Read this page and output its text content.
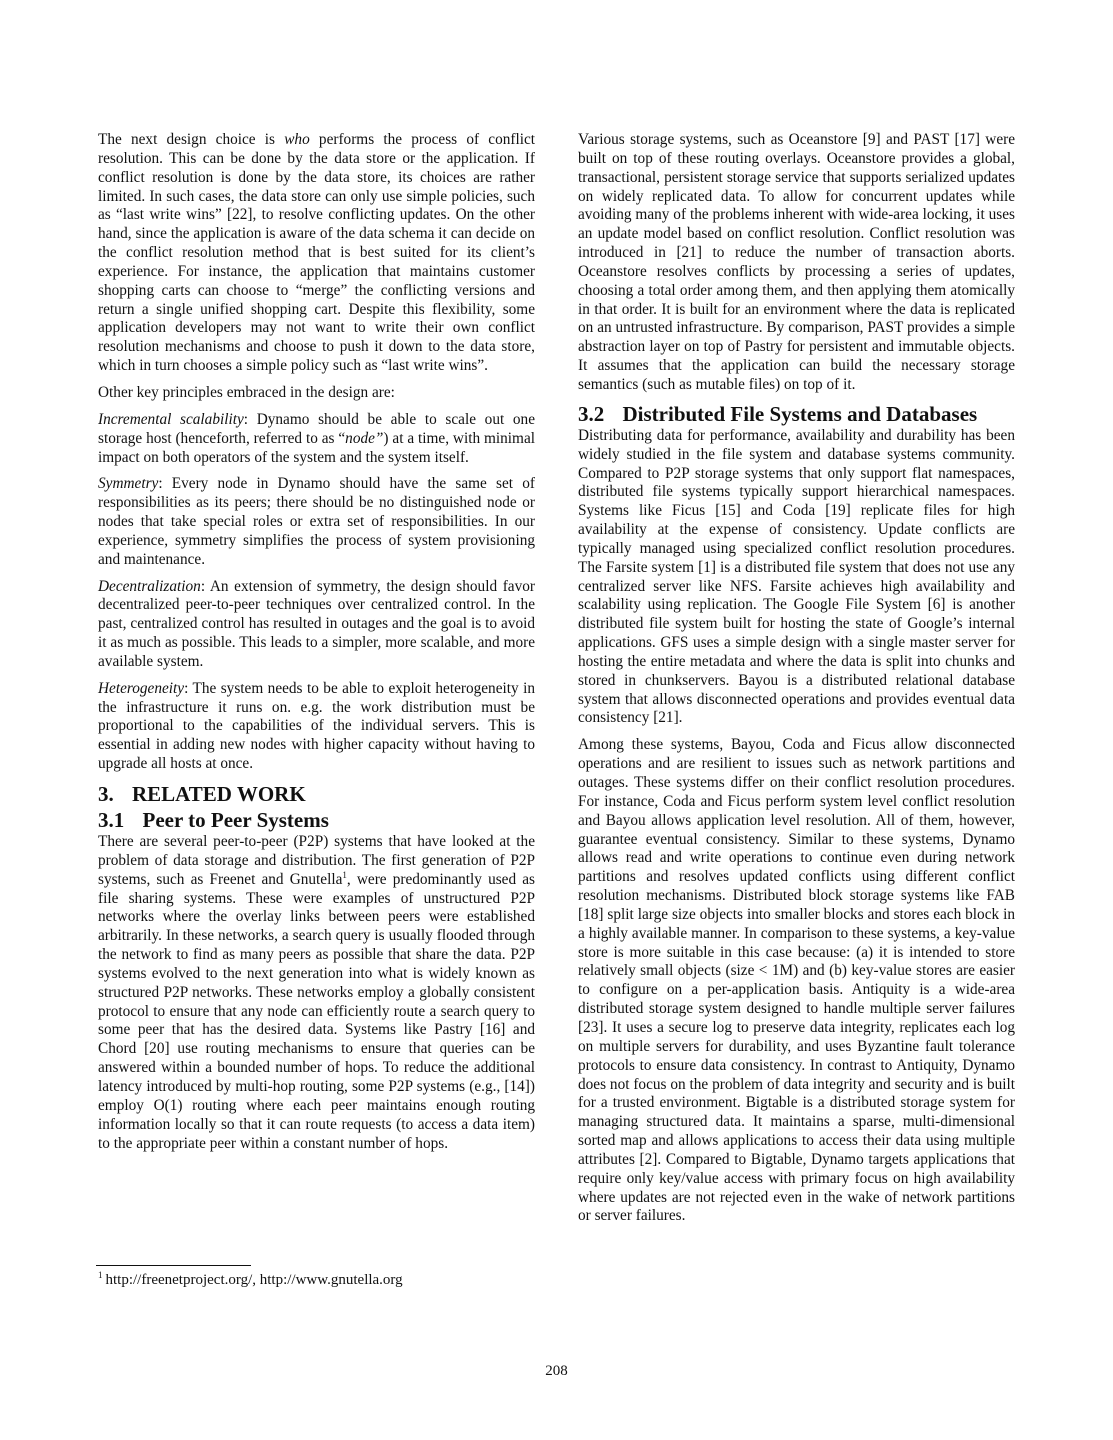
The next design choice is who performs the process of conflict resolution. This can be done by the data store or the application. If conflict resolution is done by the data store, its choices are rather limited. In such cases, the data store can only use simple policies, such as “last write wins” [22], to resolve conflicting updates. On the other hand, since the application is aware of the data schema it can decide on the conflict resolution method that is best suited for its client’s experience. For instance, the application that maintains customer shopping carts can choose to “merge” the conflicting versions and return a single unified shopping cart. Despite this flexibility, some application developers may not want to write their own conflict resolution mechanisms and choose to push it down to the data store, which in turn chooses a simple policy such as “last write wins”.

Other key principles embraced in the design are:

Incremental scalability: Dynamo should be able to scale out one storage host (henceforth, referred to as “node”) at a time, with minimal impact on both operators of the system and the system itself.

Symmetry: Every node in Dynamo should have the same set of responsibilities as its peers; there should be no distinguished node or nodes that take special roles or extra set of responsibilities. In our experience, symmetry simplifies the process of system provisioning and maintenance.

Decentralization: An extension of symmetry, the design should favor decentralized peer-to-peer techniques over centralized control. In the past, centralized control has resulted in outages and the goal is to avoid it as much as possible. This leads to a simpler, more scalable, and more available system.

Heterogeneity: The system needs to be able to exploit heterogeneity in the infrastructure it runs on. e.g. the work distribution must be proportional to the capabilities of the individual servers. This is essential in adding new nodes with higher capacity without having to upgrade all hosts at once.

3. RELATED WORK
3.1 Peer to Peer Systems

There are several peer-to-peer (P2P) systems that have looked at the problem of data storage and distribution. The first generation of P2P systems, such as Freenet and Gnutella$^1$, were predominantly used as file sharing systems. These were examples of unstructured P2P networks where the overlay links between peers were established arbitrarily. In these networks, a search query is usually flooded through the network to find as many peers as possible that share the data. P2P systems evolved to the next generation into what is widely known as structured P2P networks. These networks employ a globally consistent protocol to ensure that any node can efficiently route a search query to some peer that has the desired data. Systems like Pastry [16] and Chord [20] use routing mechanisms to ensure that queries can be answered within a bounded number of hops. To reduce the additional latency introduced by multi-hop routing, some P2P systems (e.g., [14]) employ O(1) routing where each peer maintains enough routing information locally so that it can route requests (to access a data item) to the appropriate peer within a constant number of hops.

$^1$ http://freenetproject.org/, http://www.gnutella.org

Various storage systems, such as Oceanstore [9] and PAST [17] were built on top of these routing overlays. Oceanstore provides a global, transactional, persistent storage service that supports serialized updates on widely replicated data. To allow for concurrent updates while avoiding many of the problems inherent with wide-area locking, it uses an update model based on conflict resolution. Conflict resolution was introduced in [21] to reduce the number of transaction aborts. Oceanstore resolves conflicts by processing a series of updates, choosing a total order among them, and then applying them atomically in that order. It is built for an environment where the data is replicated on an untrusted infrastructure. By comparison, PAST provides a simple abstraction layer on top of Pastry for persistent and immutable objects. It assumes that the application can build the necessary storage semantics (such as mutable files) on top of it.

3.2 Distributed File Systems and Databases

Distributing data for performance, availability and durability has been widely studied in the file system and database systems community. Compared to P2P storage systems that only support flat namespaces, distributed file systems typically support hierarchical namespaces. Systems like Ficus [15] and Coda [19] replicate files for high availability at the expense of consistency. Update conflicts are typically managed using specialized conflict resolution procedures. The Farsite system [1] is a distributed file system that does not use any centralized server like NFS. Farsite achieves high availability and scalability using replication. The Google File System [6] is another distributed file system built for hosting the state of Google’s internal applications. GFS uses a simple design with a single master server for hosting the entire metadata and where the data is split into chunks and stored in chunkservers. Bayou is a distributed relational database system that allows disconnected operations and provides eventual data consistency [21].

Among these systems, Bayou, Coda and Ficus allow disconnected operations and are resilient to issues such as network partitions and outages. These systems differ on their conflict resolution procedures. For instance, Coda and Ficus perform system level conflict resolution and Bayou allows application level resolution. All of them, however, guarantee eventual consistency. Similar to these systems, Dynamo allows read and write operations to continue even during network partitions and resolves updated conflicts using different conflict resolution mechanisms. Distributed block storage systems like FAB [18] split large size objects into smaller blocks and stores each block in a highly available manner. In comparison to these systems, a key-value store is more suitable in this case because: (a) it is intended to store relatively small objects (size < 1M) and (b) key-value stores are easier to configure on a per-application basis. Antiquity is a wide-area distributed storage system designed to handle multiple server failures [23]. It uses a secure log to preserve data integrity, replicates each log on multiple servers for durability, and uses Byzantine fault tolerance protocols to ensure data consistency. In contrast to Antiquity, Dynamo does not focus on the problem of data integrity and security and is built for a trusted environment. Bigtable is a distributed storage system for managing structured data. It maintains a sparse, multi-dimensional sorted map and allows applications to access their data using multiple attributes [2]. Compared to Bigtable, Dynamo targets applications that require only key/value access with primary focus on high availability where updates are not rejected even in the wake of network partitions or server failures.

208
